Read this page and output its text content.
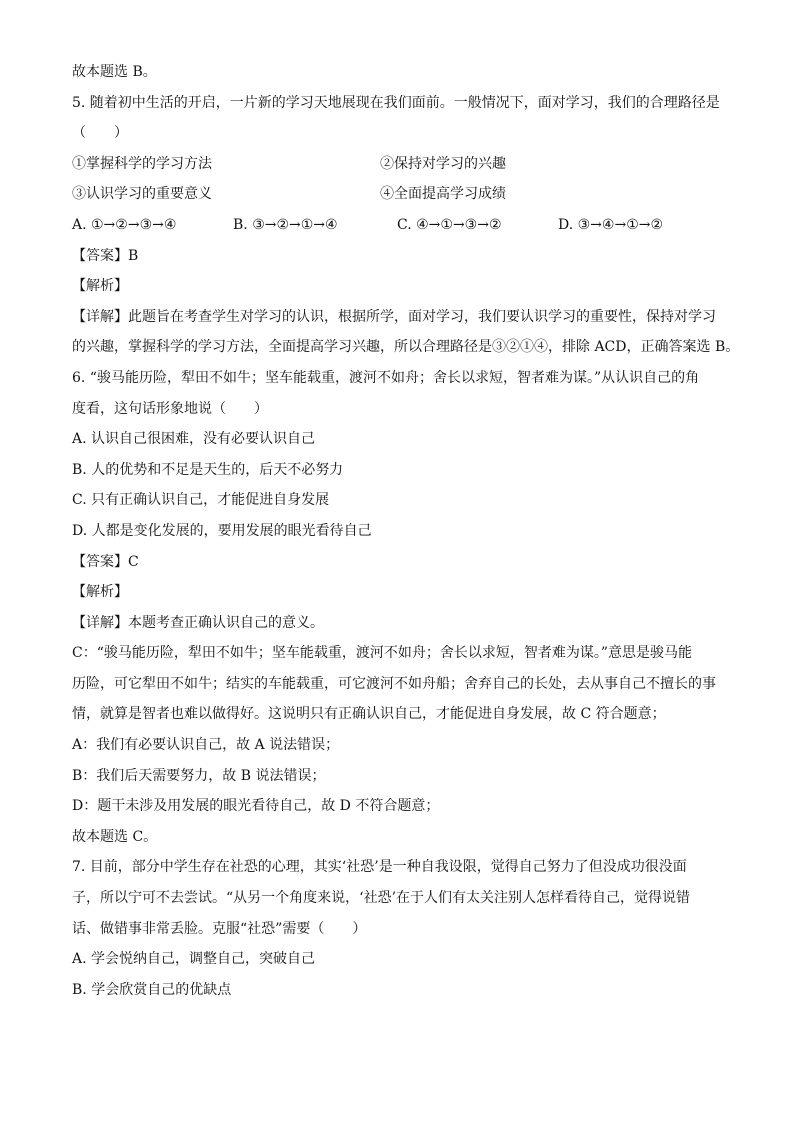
故本题选 B。
5. 随着初中生活的开启，一片新的学习天地展现在我们面前。一般情况下，面对学习，我们的合理路径是
（　　）
①掌握科学的学习方法	②保持对学习的兴趣
③认识学习的重要意义	④全面提高学习成绩
A. ①→②→③→④	B. ③→②→①→④	C. ④→①→③→②	D. ③→④→①→②
【答案】B
【解析】
【详解】此题旨在考查学生对学习的认识，根据所学，面对学习，我们要认识学习的重要性，保持对学习
的兴趣，掌握科学的学习方法，全面提高学习兴趣，所以合理路径是③②①④，排除 ACD，正确答案选 B。
6. “骏马能历险，犁田不如牛；坚车能载重，渡河不如舟；舍长以求短，智者难为谋。”从认识自己的角
度看，这句话形象地说（　　）
A. 认识自己很困难，没有必要认识自己
B. 人的优势和不足是天生的，后天不必努力
C. 只有正确认识自己，才能促进自身发展
D. 人都是变化发展的，要用发展的眼光看待自己
【答案】C
【解析】
【详解】本题考查正确认识自己的意义。
C：“骏马能历险，犁田不如牛；坚车能载重，渡河不如舟；舍长以求短，智者难为谋。”意思是骏马能
历险，可它犁田不如牛；结实的车能载重，可它渡河不如舟船；舍弃自己的长处，去从事自己不擅长的事
情，就算是智者也难以做得好。这说明只有正确认识自己，才能促进自身发展，故 C 符合题意；
A：我们有必要认识自己，故 A 说法错误；
B：我们后天需要努力，故 B 说法错误；
D：题干未涉及用发展的眼光看待自己，故 D 不符合题意；
故本题选 C。
7. 目前，部分中学生存在社恐的心理，其实‘社恐’是一种自我设限，觉得自己努力了但没成功很没面
子，所以宁可不去尝试。“从另一个角度来说，‘社恐’在于人们有太关注别人怎样看待自己，觉得说错
话、做错事非常丢脸。克服“社恐”需要（　　）
A. 学会悦纳自己，调整自己，突破自己
B. 学会欣赏自己的优缺点
